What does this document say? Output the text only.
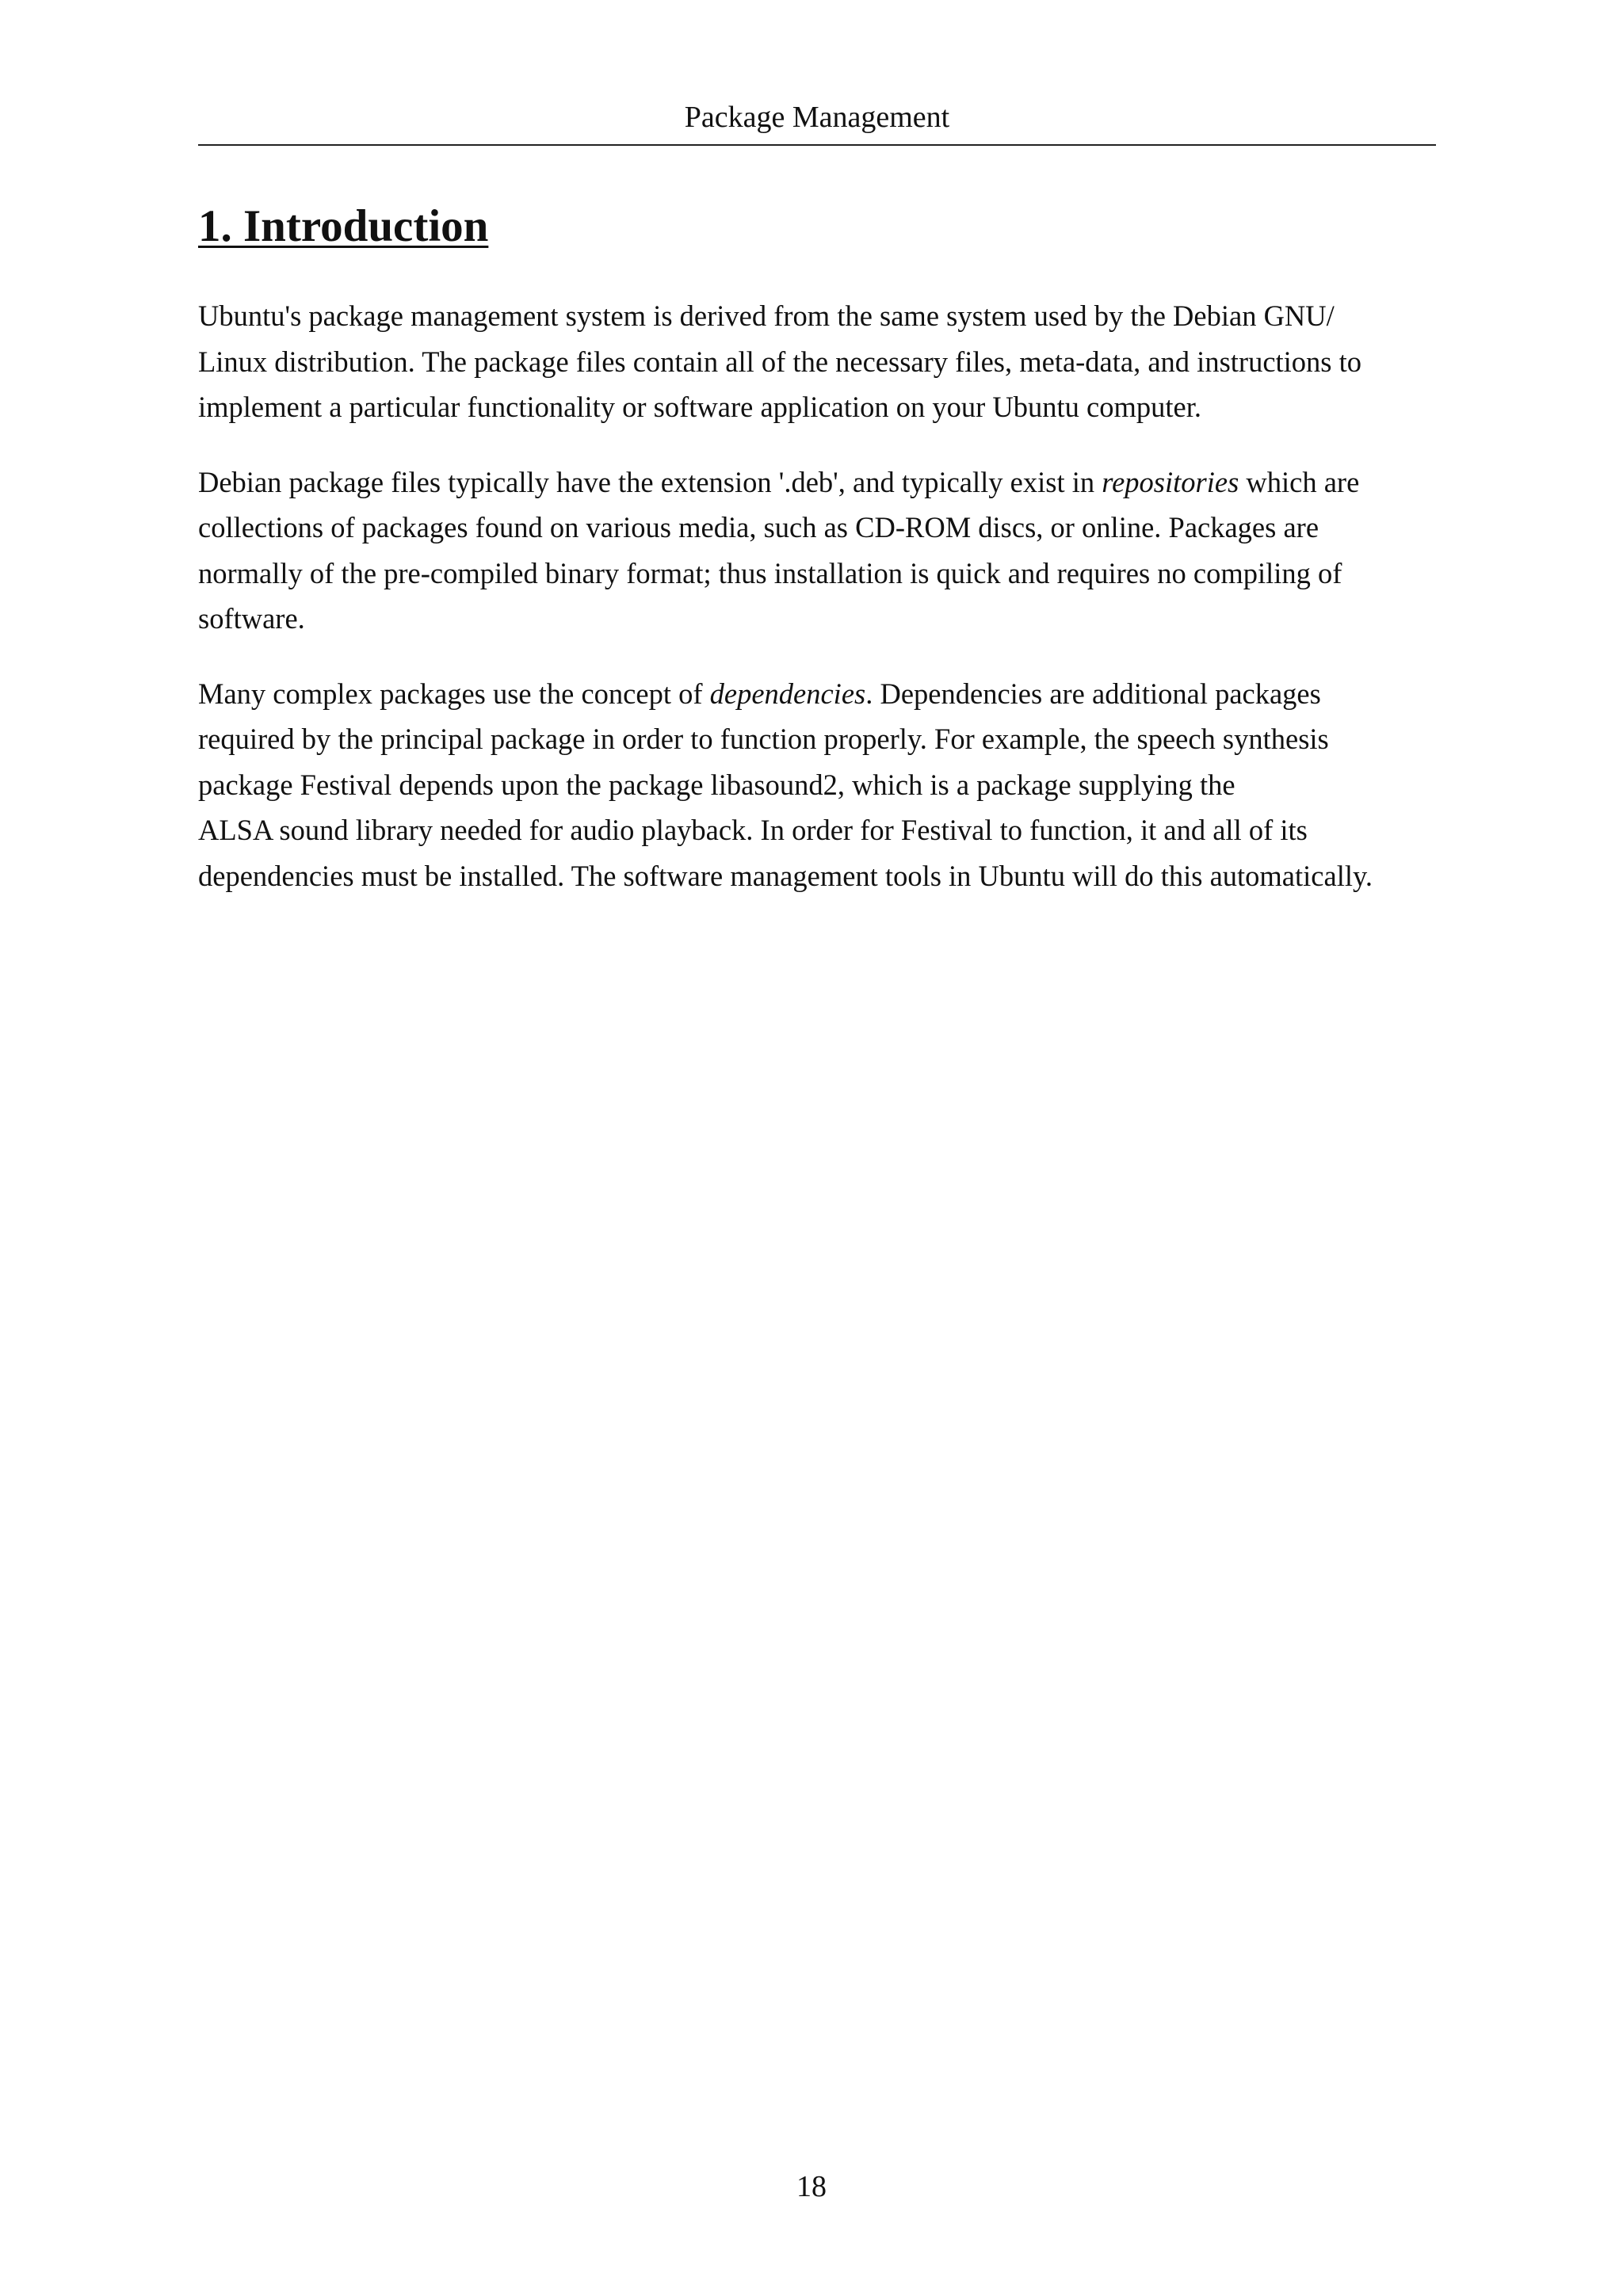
Package Management
1. Introduction

Ubuntu's package management system is derived from the same system used by the Debian GNU/
Linux distribution. The package files contain all of the necessary files, meta-data, and instructions to
implement a particular functionality or software application on your Ubuntu computer.

Debian package files typically have the extension '.deb', and typically exist in repositories which are
collections of packages found on various media, such as CD-ROM discs, or online. Packages are
normally of the pre-compiled binary format; thus installation is quick and requires no compiling of
software.

Many complex packages use the concept of dependencies. Dependencies are additional packages
required by the principal package in order to function properly. For example, the speech synthesis
package Festival depends upon the package libasound2, which is a package supplying the
ALSA sound library needed for audio playback. In order for Festival to function, it and all of its
dependencies must be installed. The software management tools in Ubuntu will do this automatically.

18
